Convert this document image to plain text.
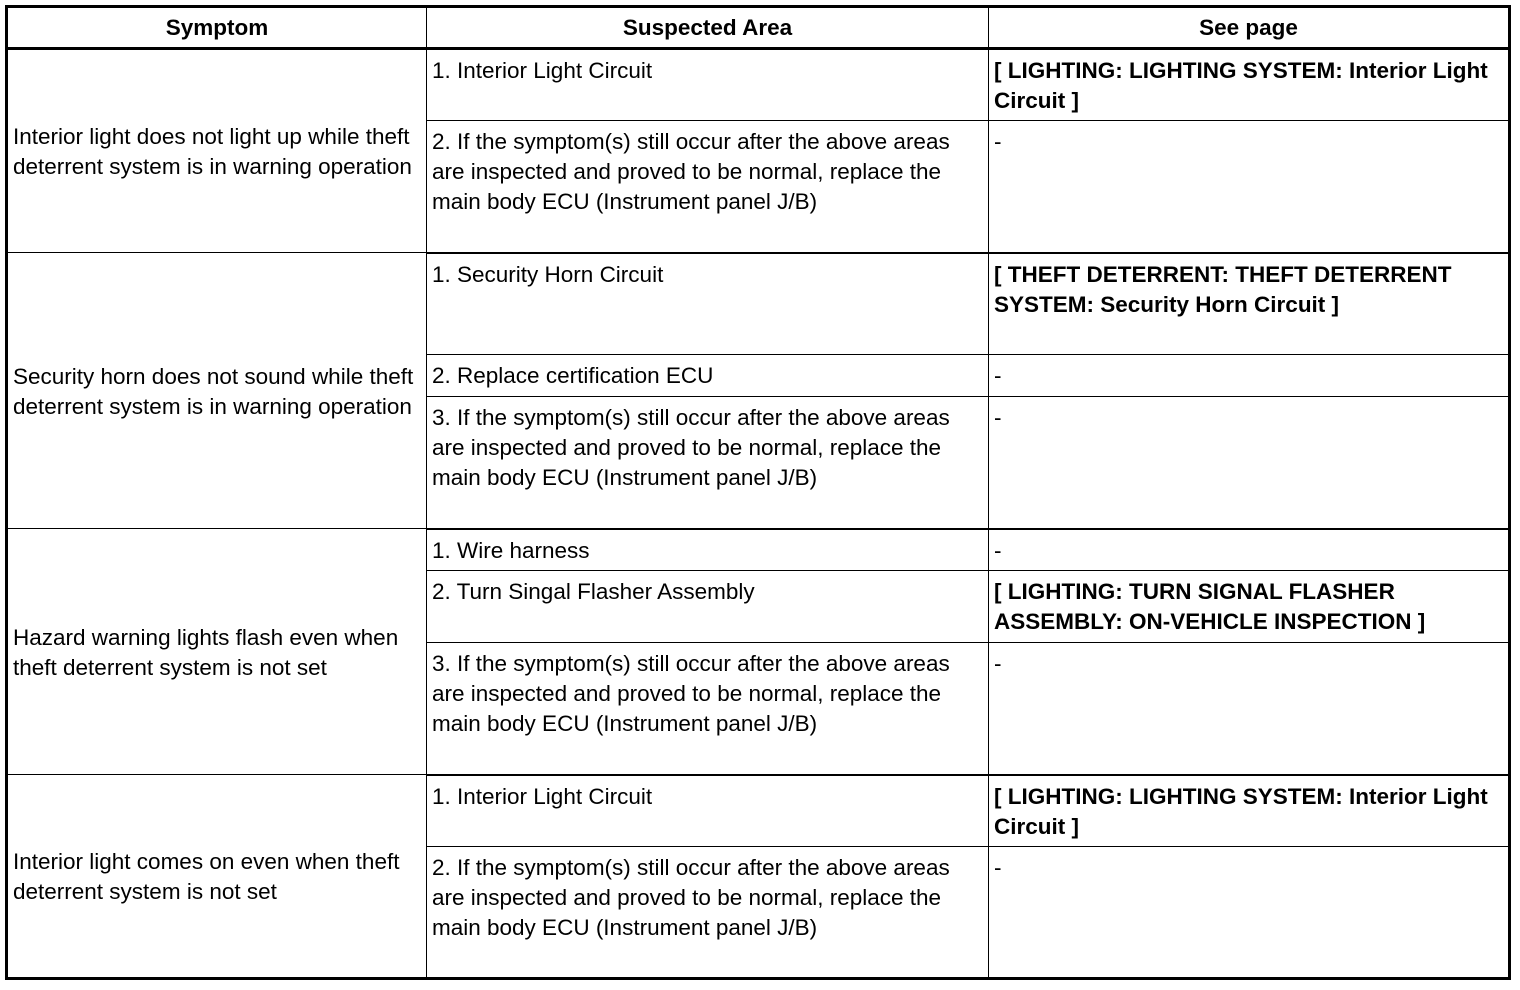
Symptom	Suspected Area	See page
Interior light does not light up while theft deterrent system is in warning operation	1. Interior Light Circuit	[ LIGHTING: LIGHTING SYSTEM: Interior Light Circuit ]
	2. If the symptom(s) still occur after the above areas are inspected and proved to be normal, replace the main body ECU (Instrument panel J/B)	-
Security horn does not sound while theft deterrent system is in warning operation	1. Security Horn Circuit	[ THEFT DETERRENT: THEFT DETERRENT SYSTEM: Security Horn Circuit ]
	2. Replace certification ECU	-
	3. If the symptom(s) still occur after the above areas are inspected and proved to be normal, replace the main body ECU (Instrument panel J/B)	-
Hazard warning lights flash even when theft deterrent system is not set	1. Wire harness	-
	2. Turn Singal Flasher Assembly	[ LIGHTING: TURN SIGNAL FLASHER ASSEMBLY: ON-VEHICLE INSPECTION ]
	3. If the symptom(s) still occur after the above areas are inspected and proved to be normal, replace the main body ECU (Instrument panel J/B)	-
Interior light comes on even when theft deterrent system is not set	1. Interior Light Circuit	[ LIGHTING: LIGHTING SYSTEM: Interior Light Circuit ]
	2. If the symptom(s) still occur after the above areas are inspected and proved to be normal, replace the main body ECU (Instrument panel J/B)	-
